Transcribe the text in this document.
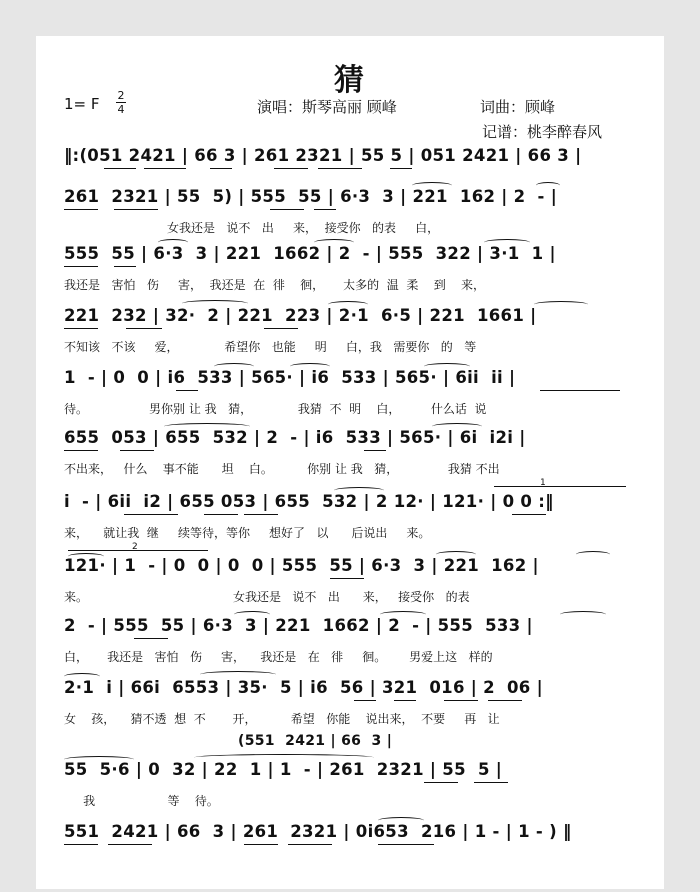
猜
1= F 2
4	演唱：斯琴高丽 顾峰	词曲：顾峰
记谱：桃李醉春风
‖:(051 2421 | 66 3 | 261 2321 | 55 5 | 051 2421 | 66 3 |
261  2321 | 55  5) | 555  55 | 6·3  3 | 221  162 | 2  - |
女我还是   说不   出     来，  接受你   的表     白，
555  55 | 6·3  3 | 221  1662 | 2  - | 555  322 | 3·1  1 |
我还是   害怕   伤     害，  我还是  在  徘    徊，     太多的  温  柔    到    来，
221  232 | 32·  2 | 221  223 | 2·1  6·5 | 221  1661 |
不知该   不该     爱，            希望你   也能     明     白，我   需要你   的   等
1  - | 0  0 | i6  533 | 565· | i6  533 | 565· | 6ii  ii |
待。                男你别 让 我   猜，            我猜  不  明    白，        什么话  说
655  053 | 655  532 | 2  - | i6  533 | 565· | 6i  i2i |
不出来，   什么    事不能      坦    白。         你别 让 我   猜，             我猜 不出
1
i  - | 6ii  i2 | 655 053 | 655  532 | 2 12· | 121· | 0 0 :‖
来，    就让我  继     续等待，等你     想好了   以      后说出     来。
2
121· | 1  - | 0  0 | 0  0 | 555  55 | 6·3  3 | 221  162 |
来。                                      女我还是   说不   出      来，   接受你   的表
2  - | 555  55 | 6·3  3 | 221  1662 | 2  - | 555  533 |
白，     我还是   害怕   伤     害，    我还是   在   徘     徊。      男爱上这   样的
2·1  i | 66i  6553 | 35·  5 | i6  56 | 321  016 | 2  06 |
女    孩，    猜不透  想  不       开，         希望   你能    说出来，  不要     再   让
(551  2421 | 66  3 |
55  5·6 | 0  32 | 22  1 | 1  - | 261  2321 | 55  5 |
我                   等    待。
551  2421 | 66  3 | 261  2321 | 0i653  216 | 1 - | 1 - ) ‖
